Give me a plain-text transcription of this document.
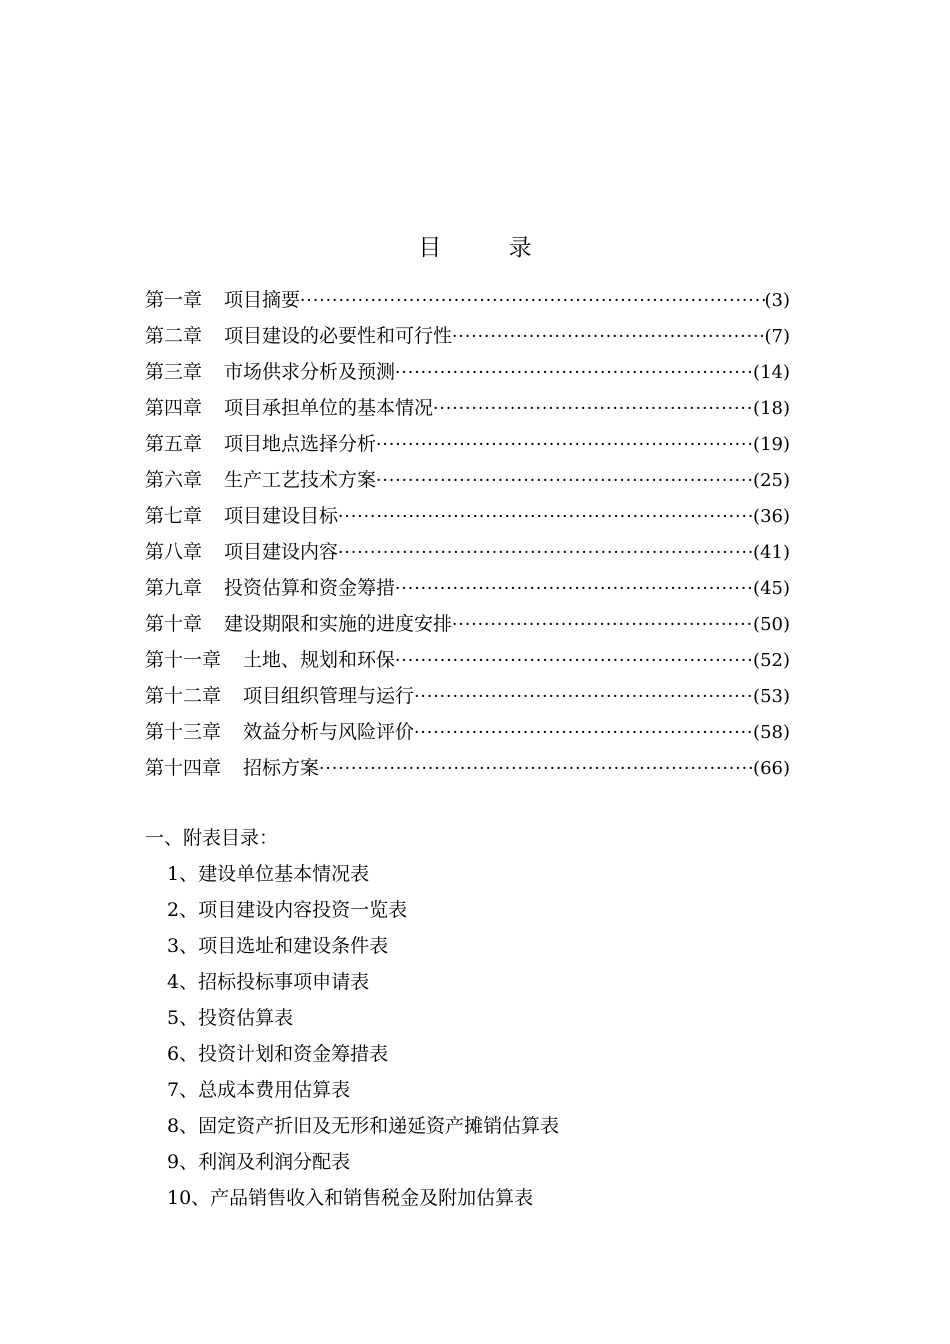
目 录
第一章 项目摘要 ·····	(3)
第二章 项目建设的必要性和可行性 ·····	(7)
第三章 市场供求分析及预测 ·····	(14)
第四章 项目承担单位的基本情况 ·····	(18)
第五章 项目地点选择分析 ·····	(19)
第六章 生产工艺技术方案 ·····	(25)
第七章 项目建设目标 ·····	(36)
第八章 项目建设内容 ·····	(41)
第九章 投资估算和资金筹措 ·····	(45)
第十章 建设期限和实施的进度安排 ·····	(50)
第十一章 土地、规划和环保 ·····	(52)
第十二章 项目组织管理与运行 ·····	(53)
第十三章 效益分析与风险评价 ·····	(58)
第十四章 招标方案 ·····	(66)
一、附表目录：
1、建设单位基本情况表
2、项目建设内容投资一览表
3、项目选址和建设条件表
4、招标投标事项申请表
5、投资估算表
6、投资计划和资金筹措表
7、总成本费用估算表
8、固定资产折旧及无形和递延资产摊销估算表
9、利润及利润分配表
10、产品销售收入和销售税金及附加估算表
